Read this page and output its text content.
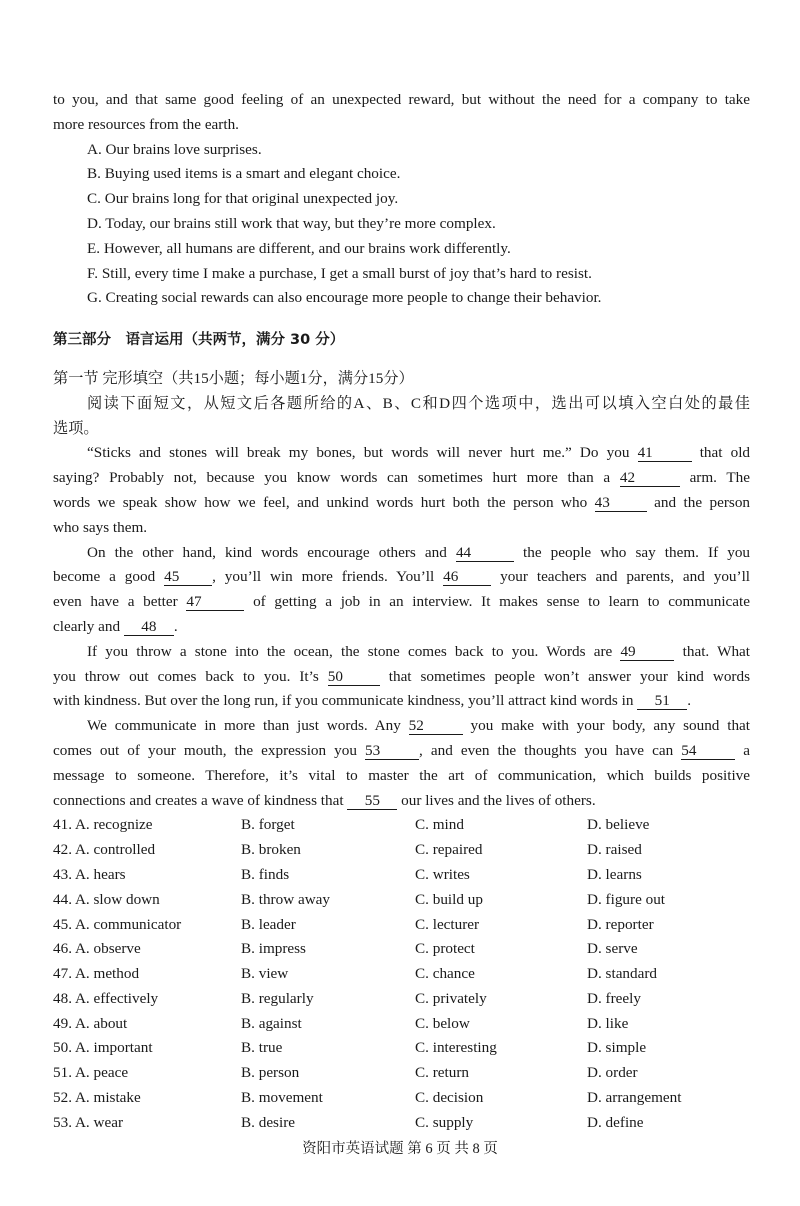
to you, and that same good feeling of an unexpected reward, but without the need for a company to take
more resources from the earth.
A. Our brains love surprises.
B. Buying used items is a smart and elegant choice.
C. Our brains long for that original unexpected joy.
D. Today, our brains still work that way, but they’re more complex.
E. However, all humans are different, and our brains work differently.
F. Still, every time I make a purchase, I get a small burst of joy that’s hard to resist.
G. Creating social rewards can also encourage more people to change their behavior.
第三部分　语言运用（共两节，满分 30 分）
第一节 完形填空（共15小题；每小题1分，满分15分）
阅读下面短文，从短文后各题所给的A、B、C和D四个选项中，选出可以填入空白处的最佳
选项。
“Sticks and stones will break my bones, but words will never hurt me.” Do you 41	that old
saying? Probably not, because you know words can sometimes hurt more than a 42	arm. The
words we speak show how we feel, and unkind words hurt both the person who 43	and the person
who says them.
On the other hand, kind words encourage others and 44	the people who say them. If you
become a good 45 , you’ll win more friends. You’ll 46	your teachers and parents, and you’ll
even have a better 47	of getting a job in an interview. It makes sense to learn to communicate
clearly and 48 .
If you throw a stone into the ocean, the stone comes back to you. Words are 49	that. What
you throw out comes back to you. It’s 50	that sometimes people won’t answer your kind words
with kindness. But over the long run, if you communicate kindness, you’ll attract kind words in 51 .
We communicate in more than just words. Any 52	you make with your body, any sound that
comes out of your mouth, the expression you 53	, and even the thoughts you have can 54	a
message to someone. Therefore, it’s vital to master the art of communication, which builds positive
connections and creates a wave of kindness that 55 our lives and the lives of others.
41. A. recognize	B. forget	C. mind	D. believe
42. A. controlled	B. broken	C. repaired	D. raised
43. A. hears	B. finds	C. writes	D. learns
44. A. slow down	B. throw away	C. build up	D. figure out
45. A. communicator	B. leader	C. lecturer	D. reporter
46. A. observe	B. impress	C. protect	D. serve
47. A. method	B. view	C. chance	D. standard
48. A. effectively	B. regularly	C. privately	D. freely
49. A. about	B. against	C. below	D. like
50. A. important	B. true	C. interesting	D. simple
51. A. peace	B. person	C. return	D. order
52. A. mistake	B. movement	C. decision	D. arrangement
53. A. wear	B. desire	C. supply	D. define
资阳市英语试题 第 6 页 共 8 页
